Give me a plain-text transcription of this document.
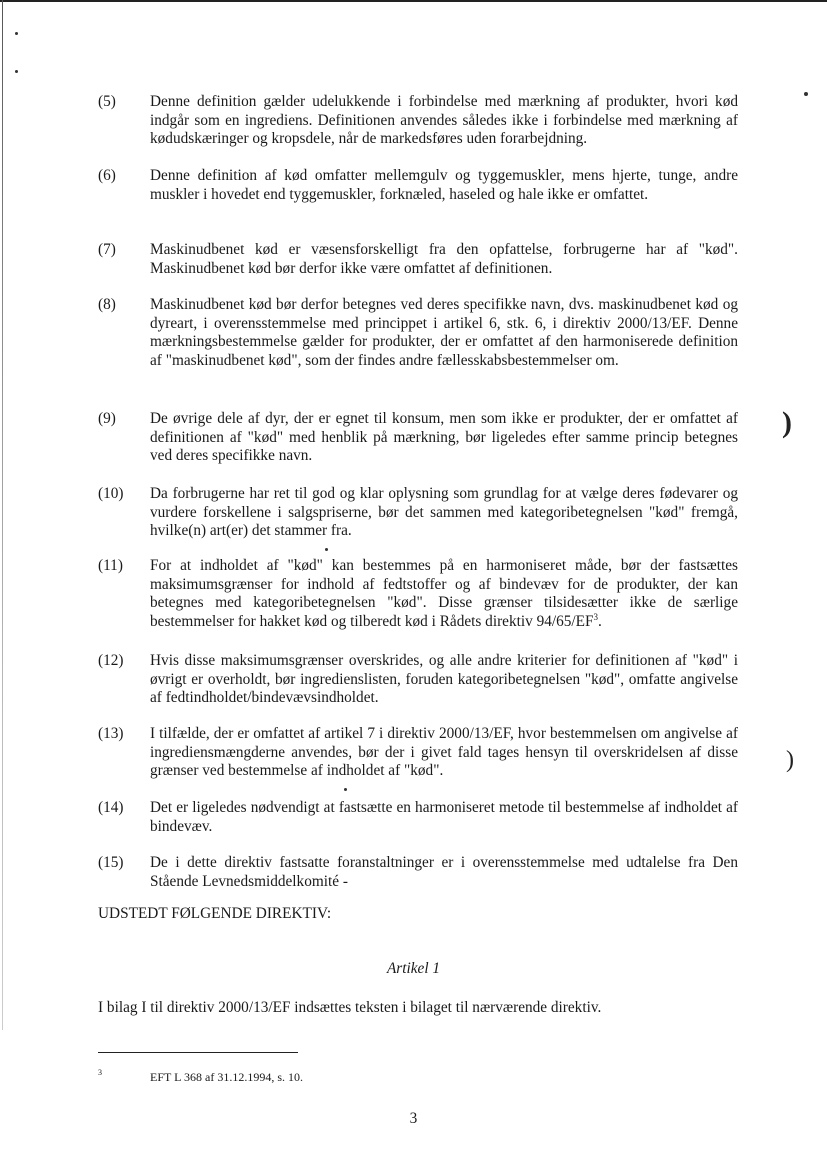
)
)
(5) Denne definition gælder udelukkende i forbindelse med mærkning af produkter, hvori kød indgår som en ingrediens. Definitionen anvendes således ikke i forbindelse med mærkning af kødudskæringer og kropsdele, når de markedsføres uden forarbejdning.
(6) Denne definition af kød omfatter mellemgulv og tyggemuskler, mens hjerte, tunge, andre muskler i hovedet end tyggemuskler, forknæled, haseled og hale ikke er omfattet.
(7) Maskinudbenet kød er væsensforskelligt fra den opfattelse, forbrugerne har af "kød". Maskinudbenet kød bør derfor ikke være omfattet af definitionen.
(8) Maskinudbenet kød bør derfor betegnes ved deres specifikke navn, dvs. maskinudbenet kød og dyreart, i overensstemmelse med princippet i artikel 6, stk. 6, i direktiv 2000/13/EF. Denne mærkningsbestemmelse gælder for produkter, der er omfattet af den harmoniserede definition af "maskinudbenet kød", som der findes andre fællesskabsbestemmelser om.
(9) De øvrige dele af dyr, der er egnet til konsum, men som ikke er produkter, der er omfattet af definitionen af "kød" med henblik på mærkning, bør ligeledes efter samme princip betegnes ved deres specifikke navn.
(10) Da forbrugerne har ret til god og klar oplysning som grundlag for at vælge deres fødevarer og vurdere forskellene i salgspriserne, bør det sammen med kategoribetegnelsen "kød" fremgå, hvilke(n) art(er) det stammer fra.
(11) For at indholdet af "kød" kan bestemmes på en harmoniseret måde, bør der fastsættes maksimumsgrænser for indhold af fedtstoffer og af bindevæv for de produkter, der kan betegnes med kategoribetegnelsen "kød". Disse grænser tilsidesætter ikke de særlige bestemmelser for hakket kød og tilberedt kød i Rådets direktiv $94/65/EF^3$.
(12) Hvis disse maksimumsgrænser overskrides, og alle andre kriterier for definitionen af "kød" i øvrigt er overholdt, bør ingredienslisten, foruden kategoribetegnelsen "kød", omfatte angivelse af fedtindholdet/bindevævsindholdet.
(13) I tilfælde, der er omfattet af artikel 7 i direktiv 2000/13/EF, hvor bestemmelsen om angivelse af ingrediensmængderne anvendes, bør der i givet fald tages hensyn til overskridelsen af disse grænser ved bestemmelse af indholdet af "kød".
(14) Det er ligeledes nødvendigt at fastsætte en harmoniseret metode til bestemmelse af indholdet af bindevæv.
(15) De i dette direktiv fastsatte foranstaltninger er i overensstemmelse med udtalelse fra Den Stående Levnedsmiddelkomité -
UDSTEDT FØLGENDE DIREKTIV:
Artikel 1
I bilag I til direktiv 2000/13/EF indsættes teksten i bilaget til nærværende direktiv.
3	EFT L 368 af 31.12.1994, s. 10.
3
